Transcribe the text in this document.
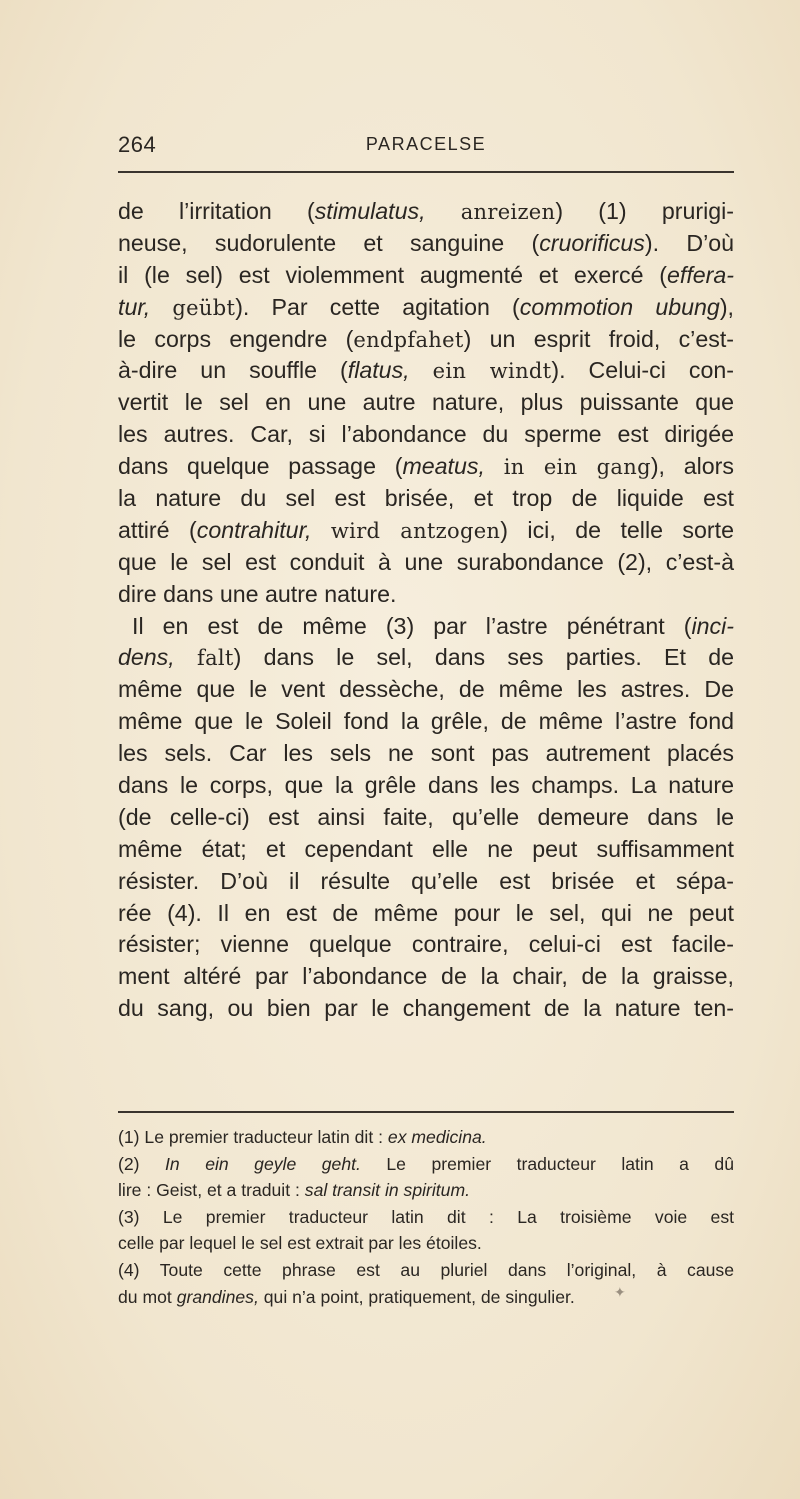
264	PARACELSE
de l’irritation (stimulatus, anreizen) (1) prurigi-
neuse, sudorulente et sanguine (cruorificus). D’où
il (le sel) est violemment augmenté et exercé (effera-
tur, geübt). Par cette agitation (commotion ubung),
le corps engendre (endpfahet) un esprit froid, c’est-
à-dire un souffle (flatus, ein windt). Celui-ci con-
vertit le sel en une autre nature, plus puissante que
les autres. Car, si l’abondance du sperme est dirigée
dans quelque passage (meatus, in ein gang), alors
la nature du sel est brisée, et trop de liquide est
attiré (contrahitur, wird antzogen) ici, de telle sorte
que le sel est conduit à une surabondance (2), c’est-à
dire dans une autre nature.
Il en est de même (3) par l’astre pénétrant (inci-
dens, falt) dans le sel, dans ses parties. Et de
même que le vent dessèche, de même les astres. De
même que le Soleil fond la grêle, de même l’astre fond
les sels. Car les sels ne sont pas autrement placés
dans le corps, que la grêle dans les champs. La nature
(de celle-ci) est ainsi faite, qu’elle demeure dans le
même état; et cependant elle ne peut suffisamment
résister. D’où il résulte qu’elle est brisée et sépa-
rée (4). Il en est de même pour le sel, qui ne peut
résister; vienne quelque contraire, celui-ci est facile-
ment altéré par l’abondance de la chair, de la graisse,
du sang, ou bien par le changement de la nature ten-
(1) Le premier traducteur latin dit : ex medicina.
(2) In ein geyle geht. Le premier traducteur latin a dû
lire : Geist, et a traduit : sal transit in spiritum.
(3) Le premier traducteur latin dit : La troisième voie est
celle par lequel le sel est extrait par les étoiles.
(4) Toute cette phrase est au pluriel dans l’original, à cause
du mot grandines, qui n’a point, pratiquement, de singulier.	✦
